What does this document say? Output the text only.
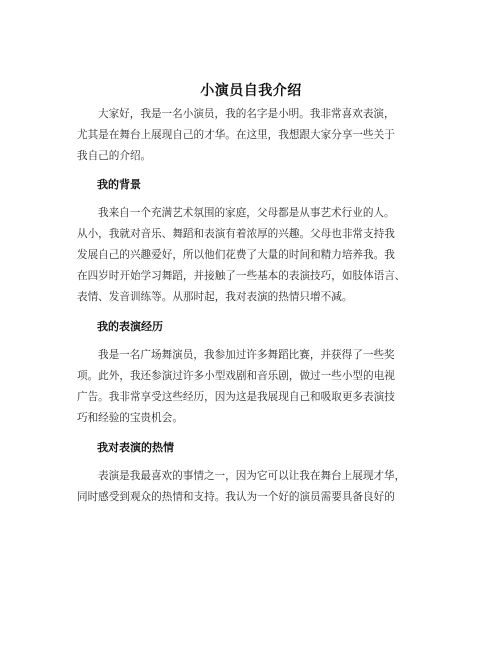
小演员自我介绍
大家好，我是一名小演员，我的名字是小明。我非常喜欢表演，
尤其是在舞台上展现自己的才华。在这里，我想跟大家分享一些关于
我自己的介绍。
我的背景
我来自一个充满艺术氛围的家庭，父母都是从事艺术行业的人。
从小，我就对音乐、舞蹈和表演有着浓厚的兴趣。父母也非常支持我
发展自己的兴趣爱好，所以他们花费了大量的时间和精力培养我。我
在四岁时开始学习舞蹈，并接触了一些基本的表演技巧，如肢体语言、
表情、发音训练等。从那时起，我对表演的热情只增不减。
我的表演经历
我是一名广场舞演员，我参加过许多舞蹈比赛，并获得了一些奖
项。此外，我还参演过许多小型戏剧和音乐剧，做过一些小型的电视
广告。我非常享受这些经历，因为这是我展现自己和吸取更多表演技
巧和经验的宝贵机会。
我对表演的热情
表演是我最喜欢的事情之一，因为它可以让我在舞台上展现才华，
同时感受到观众的热情和支持。我认为一个好的演员需要具备良好的
